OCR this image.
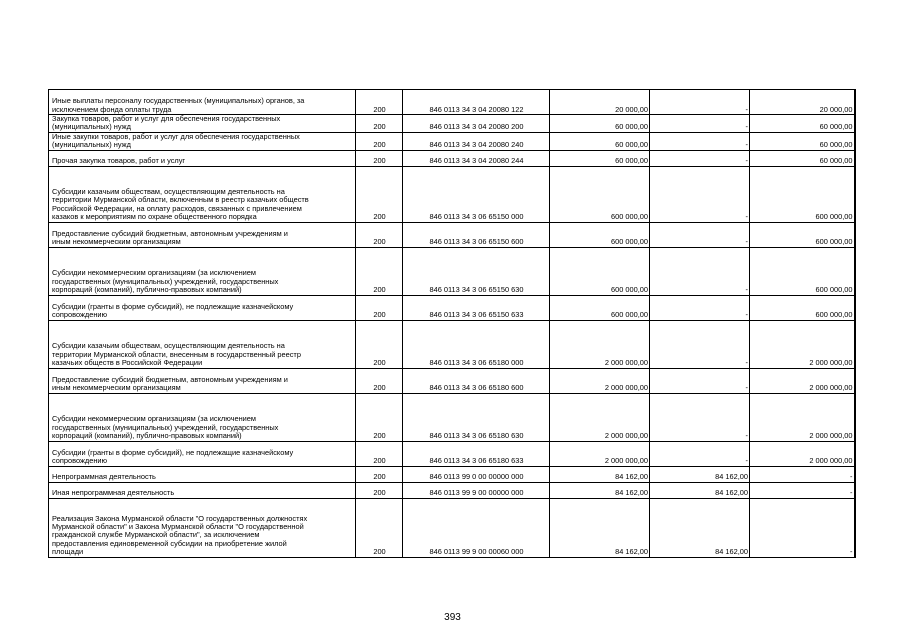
Иные выплаты персоналу государственных (муниципальных) органов, за
исключением фонда оплаты труда	200	846 0113 34 3 04 20080 122	20 000,00	-	20 000,00
Закупка товаров, работ и услуг для обеспечения государственных
(муниципальных) нужд	200	846 0113 34 3 04 20080 200	60 000,00	-	60 000,00
Иные закупки товаров, работ и услуг для обеспечения государственных
(муниципальных) нужд	200	846 0113 34 3 04 20080 240	60 000,00	-	60 000,00
Прочая закупка товаров, работ и услуг	200	846 0113 34 3 04 20080 244	60 000,00	-	60 000,00
Субсидии казачьим обществам, осуществляющим деятельность на
территории Мурманской области, включенным в реестр казачьих обществ
Российской Федерации, на оплату расходов, связанных с привлечением
казаков к мероприятиям по охране общественного порядка	200	846 0113 34 3 06 65150 000	600 000,00	-	600 000,00
Предоставление субсидий бюджетным, автономным учреждениям и
иным некоммерческим организациям	200	846 0113 34 3 06 65150 600	600 000,00	-	600 000,00
Субсидии некоммерческим организациям (за исключением
государственных (муниципальных) учреждений, государственных
корпораций (компаний), публично-правовых компаний)	200	846 0113 34 3 06 65150 630	600 000,00	-	600 000,00
Субсидии (гранты в форме субсидий), не подлежащие казначейскому
сопровождению	200	846 0113 34 3 06 65150 633	600 000,00	-	600 000,00
Субсидии казачьим обществам, осуществляющим деятельность на
территории Мурманской области, внесенным в государственный реестр
казачьих обществ в Российской Федерации	200	846 0113 34 3 06 65180 000	2 000 000,00	-	2 000 000,00
Предоставление субсидий бюджетным, автономным учреждениям и
иным некоммерческим организациям	200	846 0113 34 3 06 65180 600	2 000 000,00	-	2 000 000,00
Субсидии некоммерческим организациям (за исключением
государственных (муниципальных) учреждений, государственных
корпораций (компаний), публично-правовых компаний)	200	846 0113 34 3 06 65180 630	2 000 000,00	-	2 000 000,00
Субсидии (гранты в форме субсидий), не подлежащие казначейскому
сопровождению	200	846 0113 34 3 06 65180 633	2 000 000,00	-	2 000 000,00
Непрограммная деятельность	200	846 0113 99 0 00 00000 000	84 162,00	84 162,00	-
Иная непрограммная деятельность	200	846 0113 99 9 00 00000 000	84 162,00	84 162,00	-
Реализация Закона Мурманской области "О государственных должностях
Мурманской области" и Закона Мурманской области "О государственной
гражданской службе Мурманской области", за исключением
предоставления единовременной субсидии на приобретение жилой
площади	200	846 0113 99 9 00 00060 000	84 162,00	84 162,00	-
393
